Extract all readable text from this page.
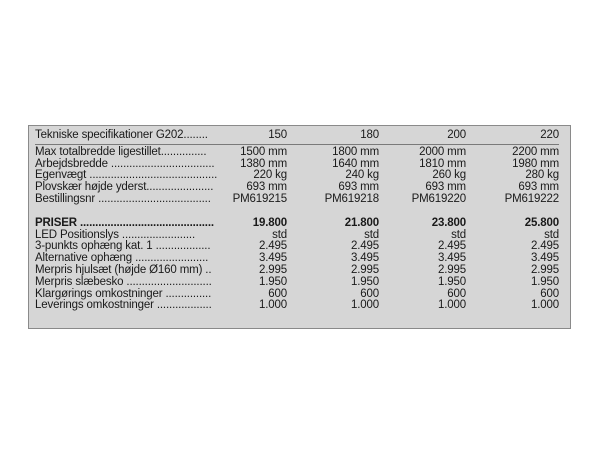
Tekniske specifikationer G202........	150	180	200	220
Max totalbredde ligestillet...............	1500 mm	1800 mm	2000 mm	2200 mm
Arbejdsbredde ..................................	1380 mm	1640 mm	1810 mm	1980 mm
Egenvægt ..........................................	220 kg	240 kg	260 kg	280 kg
Plovskær højde yderst......................	693 mm	693 mm	693 mm	693 mm
Bestillingsnr .....................................	PM619215	PM619218	PM619220	PM619222

PRISER ............................................	19.800	21.800	23.800	25.800
LED Positionslys ........................	std	std	std	std
3-punkts ophæng kat. 1 ..................	2.495	2.495	2.495	2.495
Alternative ophæng ........................	3.495	3.495	3.495	3.495
Merpris hjulsæt (højde Ø160 mm) ..	2.995	2.995	2.995	2.995
Merpris slæbesko ............................	1.950	1.950	1.950	1.950
Klargørings omkostninger ...............	600	600	600	600
Leverings omkostninger ..................	1.000	1.000	1.000	1.000
